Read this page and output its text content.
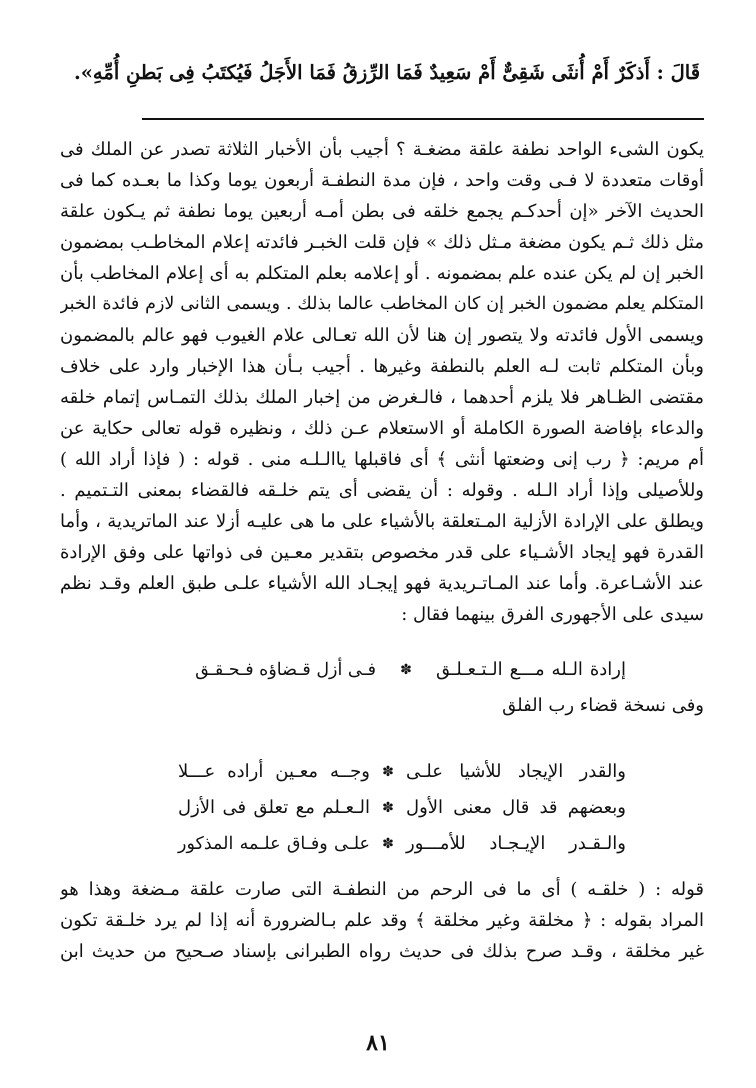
قَالَ : أَذكَرٌ أَمْ أُنثَى شَقِىٌّ أَمْ سَعِيدٌ فَمَا الرِّزقُ فَمَا الأَجَلُ فَيُكتَبُ فِى بَطنِ أُمِّهِ».
يكون الشىء الواحد نطفة علقة مضغـة ؟ أجيب بأن الأخبار الثلاثة تصدر عن الملك فى
أوقات متعددة لا فـى وقت واحد ، فإن مدة النطفـة أربعون يوما وكذا ما بعـده كما فى
الحديث الآخر «إن أحدكـم يجمع خلقه فى بطن أمـه أربعين يوما نطفة ثم يـكون علقة
مثل ذلك ثـم يكون مضغة مـثل ذلك » فإن قلت الخبـر فائدته إعلام المخاطـب بمضمون
الخبر إن لم يكن عنده علم بمضمونه . أو إعلامه بعلم المتكلم به أى إعلام المخاطب بأن
المتكلم يعلم مضمون الخبر إن كان المخاطب عالما بذلك . ويسمى الثانى لازم فائدة الخبر
ويسمى الأول فائدته ولا يتصور إن هنا لأن الله تعـالى علام الغيوب فهو عالم بالمضمون
وبأن المتكلم ثابت لـه العلم بالنطفة وغيرها . أجيب بـأن هذا الإخبار وارد على خلاف
مقتضى الظـاهر فلا يلزم أحدهما ، فالـغرض من إخبار الملك بذلك التمـاس إتمام خلقه
والدعاء بإفاضة الصورة الكاملة أو الاستعلام عـن ذلك ، ونظيره قوله تعالى حكاية عن
أم مريم: ﴿ رب إنى وضعتها أنثى ﴾ أى فاقبلها ياالـلـه منى . قوله : ( فإذا أراد الله )
وللأصيلى وإذا أراد الـله . وقوله : أن يقضى أى يتم خلـقه فالقضاء بمعنى التـتميم .
ويطلق على الإرادة الأزلية المـتعلقة بالأشياء على ما هى عليـه أزلا عند الماتريدية ، وأما
القدرة فهو إيجاد الأشـياء على قدر مخصوص بتقدير معـين فى ذواتها على وفق الإرادة
عند الأشـاعرة. وأما عند المـاتـريدية فهو إيجـاد الله الأشياء علـى طبق العلم وقـد نظم
سيدى على الأجهورى الفرق بينهما فقال :
إرادة الـله مـــع الـتـعـلـق
✽
فـى أزل قـضاؤه فـحـقـق
وفى نسخة قضاء رب الفلق
والقدر الإيجاد للأشيا علـى
✽
وجــه معـين أراده عـــلا
وبعضهم قد قال معنى الأول
✽
الـعـلم مع تعلق فى الأزل
والـقـدر الإيـجـاد للأمـــور
✽
علـى وفـاق علـمه المذكور
قوله : ( خلقـه ) أى ما فى الرحم من النطفـة التى صارت علقة مـضغة وهذا هو
المراد بقوله : ﴿ مخلقة وغير مخلقة ﴾ وقد علم بـالضرورة أنه إذا لم يرد خلـقة تكون
غير مخلقة ، وقـد صرح بذلك فى حديث رواه الطبرانى بإسناد صـحيح من حديث ابن
٨١
